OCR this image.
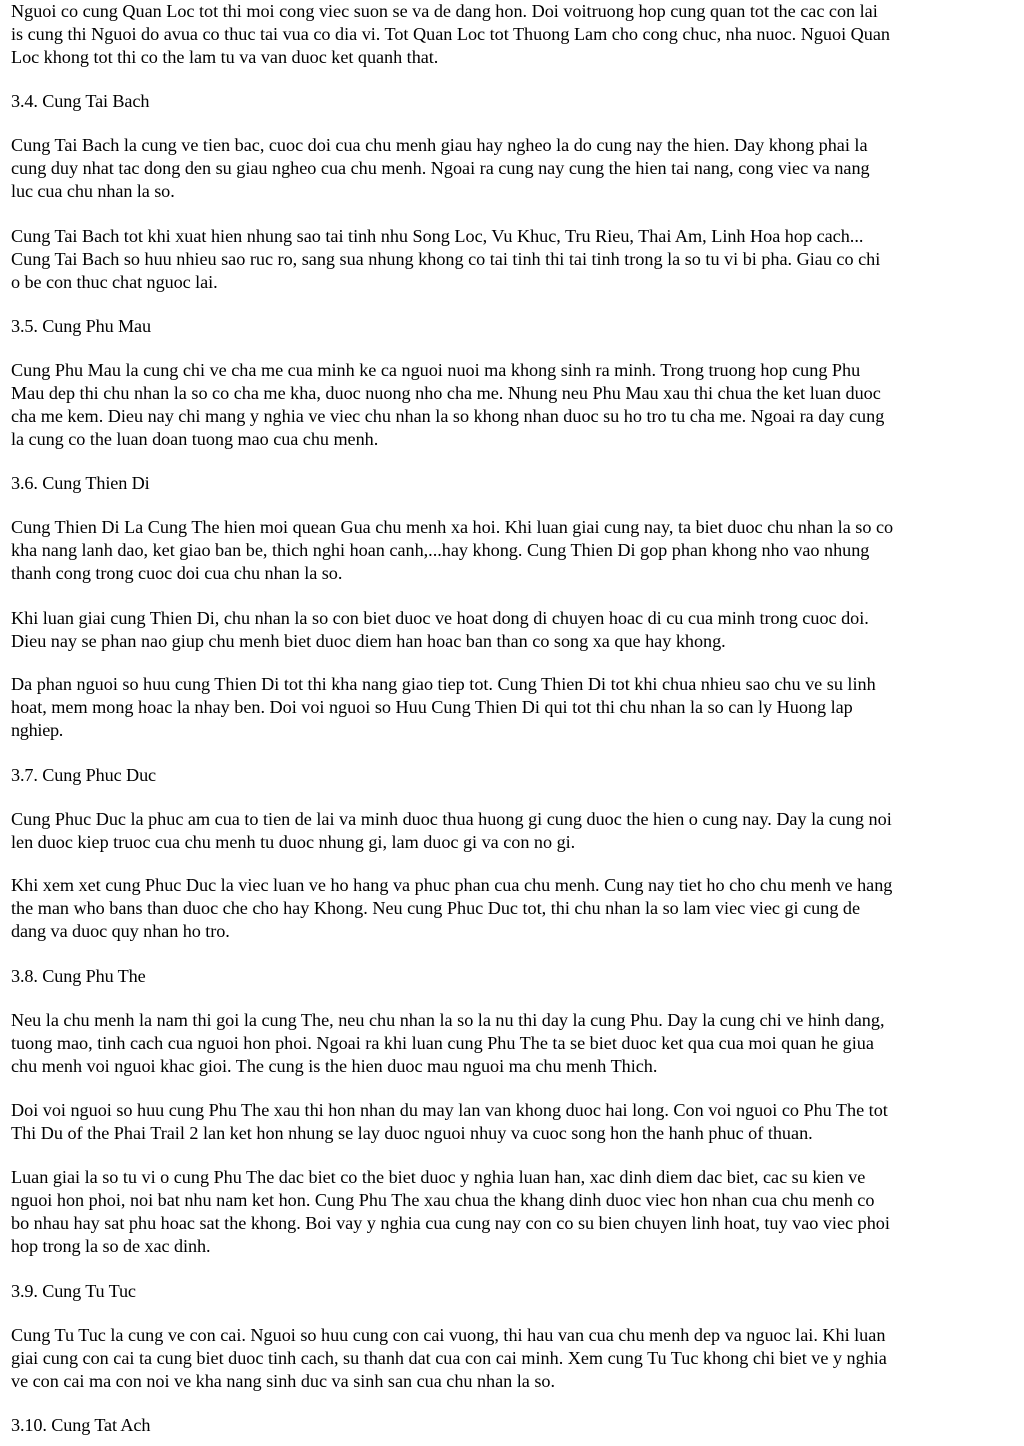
Nguoi co cung Quan Loc tot thi moi cong viec suon se va de dang hon. Doi voitruong hop cung quan tot the cac con lai
is cung thi Nguoi do avua co thuc tai vua co dia vi. Tot Quan Loc tot Thuong Lam cho cong chuc, nha nuoc. Nguoi Quan
Loc khong tot thi co the lam tu va van duoc ket quanh that.
3.4. Cung Tai Bach
Cung Tai Bach la cung ve tien bac, cuoc doi cua chu menh giau hay ngheo la do cung nay the hien. Day khong phai la
cung duy nhat tac dong den su giau ngheo cua chu menh. Ngoai ra cung nay cung the hien tai nang, cong viec va nang
luc cua chu nhan la so.
Cung Tai Bach tot khi xuat hien nhung sao tai tinh nhu Song Loc, Vu Khuc, Tru Rieu, Thai Am, Linh Hoa hop cach...
Cung Tai Bach so huu nhieu sao ruc ro, sang sua nhung khong co tai tinh thi tai tinh trong la so tu vi bi pha. Giau co chi
o be con thuc chat nguoc lai.
3.5. Cung Phu Mau
Cung Phu Mau la cung chi ve cha me cua minh ke ca nguoi nuoi ma khong sinh ra minh. Trong truong hop cung Phu
Mau dep thi chu nhan la so co cha me kha, duoc nuong nho cha me. Nhung neu Phu Mau xau thi chua the ket luan duoc
cha me kem. Dieu nay chi mang y nghia ve viec chu nhan la so khong nhan duoc su ho tro tu cha me. Ngoai ra day cung
la cung co the luan doan tuong mao cua chu menh.
3.6. Cung Thien Di
Cung Thien Di La Cung The hien moi quean Gua chu menh xa hoi. Khi luan giai cung nay, ta biet duoc chu nhan la so co
kha nang lanh dao, ket giao ban be, thich nghi hoan canh,...hay khong. Cung Thien Di gop phan khong nho vao nhung
thanh cong trong cuoc doi cua chu nhan la so.
Khi luan giai cung Thien Di, chu nhan la so con biet duoc ve hoat dong di chuyen hoac di cu cua minh trong cuoc doi.
Dieu nay se phan nao giup chu menh biet duoc diem han hoac ban than co song xa que hay khong.
Da phan nguoi so huu cung Thien Di tot thi kha nang giao tiep tot. Cung Thien Di tot khi chua nhieu sao chu ve su linh
hoat, mem mong hoac la nhay ben. Doi voi nguoi so Huu Cung Thien Di qui tot thi chu nhan la so can ly Huong lap
nghiep.
3.7. Cung Phuc Duc
Cung Phuc Duc la phuc am cua to tien de lai va minh duoc thua huong gi cung duoc the hien o cung nay. Day la cung noi
len duoc kiep truoc cua chu menh tu duoc nhung gi, lam duoc gi va con no gi.
Khi xem xet cung Phuc Duc la viec luan ve ho hang va phuc phan cua chu menh. Cung nay tiet ho cho chu menh ve hang
the man who bans than duoc che cho hay Khong. Neu cung Phuc Duc tot, thi chu nhan la so lam viec viec gi cung de
dang va duoc quy nhan ho tro.
3.8. Cung Phu The
Neu la chu menh la nam thi goi la cung The, neu chu nhan la so la nu thi day la cung Phu. Day la cung chi ve hinh dang,
tuong mao, tinh cach cua nguoi hon phoi. Ngoai ra khi luan cung Phu The ta se biet duoc ket qua cua moi quan he giua
chu menh voi nguoi khac gioi. The cung is the hien duoc mau nguoi ma chu menh Thich.
Doi voi nguoi so huu cung Phu The xau thi hon nhan du may lan van khong duoc hai long. Con voi nguoi co Phu The tot
Thi Du of the Phai Trail 2 lan ket hon nhung se lay duoc nguoi nhuy va cuoc song hon the hanh phuc of thuan.
Luan giai la so tu vi o cung Phu The dac biet co the biet duoc y nghia luan han, xac dinh diem dac biet, cac su kien ve
nguoi hon phoi, noi bat nhu nam ket hon. Cung Phu The xau chua the khang dinh duoc viec hon nhan cua chu menh co
bo nhau hay sat phu hoac sat the khong. Boi vay y nghia cua cung nay con co su bien chuyen linh hoat, tuy vao viec phoi
hop trong la so de xac dinh.
3.9. Cung Tu Tuc
Cung Tu Tuc la cung ve con cai. Nguoi so huu cung con cai vuong, thi hau van cua chu menh dep va nguoc lai. Khi luan
giai cung con cai ta cung biet duoc tinh cach, su thanh dat cua con cai minh. Xem cung Tu Tuc khong chi biet ve y nghia
ve con cai ma con noi ve kha nang sinh duc va sinh san cua chu nhan la so.
3.10. Cung Tat Ach
